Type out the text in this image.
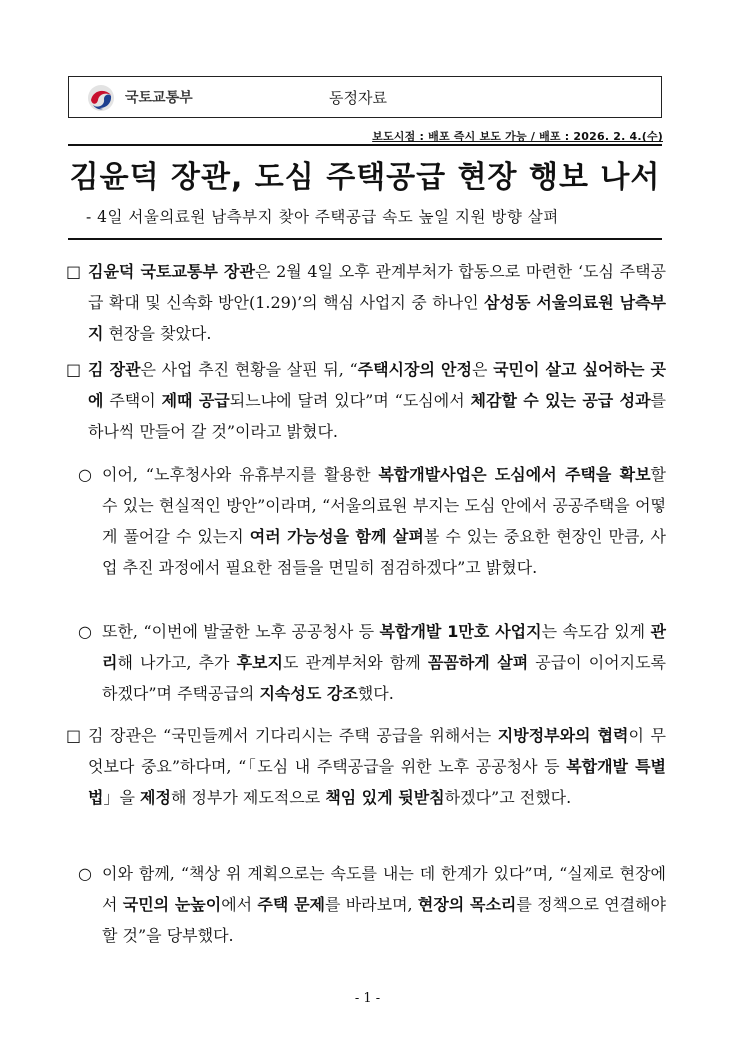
국토교통부	동정자료
보도시점 : 배포 즉시 보도 가능 / 배포 : 2026. 2. 4.(수)
김윤덕 장관, 도심 주택공급 현장 행보 나서
- 4일 서울의료원 남측부지 찾아 주택공급 속도 높일 지원 방향 살펴
□ 김윤덕 국토교통부 장관은 2월 4일 오후 관계부처가 합동으로 마련한 ‘도심 주택공급 확대 및 신속화 방안(1.29)’의 핵심 사업지 중 하나인 삼성동 서울의료원 남측부지 현장을 찾았다.
□ 김 장관은 사업 추진 현황을 살핀 뒤, “주택시장의 안정은 국민이 살고 싶어하는 곳에 주택이 제때 공급되느냐에 달려 있다”며 “도심에서 체감할 수 있는 공급 성과를 하나씩 만들어 갈 것”이라고 밝혔다.
○ 이어, “노후청사와 유휴부지를 활용한 복합개발사업은 도심에서 주택을 확보할 수 있는 현실적인 방안”이라며, “서울의료원 부지는 도심 안에서 공공주택을 어떻게 풀어갈 수 있는지 여러 가능성을 함께 살펴볼 수 있는 중요한 현장인 만큼, 사업 추진 과정에서 필요한 점들을 면밀히 점검하겠다”고 밝혔다.
○ 또한, “이번에 발굴한 노후 공공청사 등 복합개발 1만호 사업지는 속도감 있게 관리해 나가고, 추가 후보지도 관계부처와 함께 꼼꼼하게 살펴 공급이 이어지도록 하겠다”며 주택공급의 지속성도 강조했다.
□ 김 장관은 “국민들께서 기다리시는 주택 공급을 위해서는 지방정부와의 협력이 무엇보다 중요”하다며, “「도심 내 주택공급을 위한 노후 공공청사 등 복합개발 특별법」을 제정해 정부가 제도적으로 책임 있게 뒷받침하겠다”고 전했다.
○ 이와 함께, “책상 위 계획으로는 속도를 내는 데 한계가 있다”며, “실제로 현장에서 국민의 눈높이에서 주택 문제를 바라보며, 현장의 목소리를 정책으로 연결해야 할 것”을 당부했다.
- 1 -
